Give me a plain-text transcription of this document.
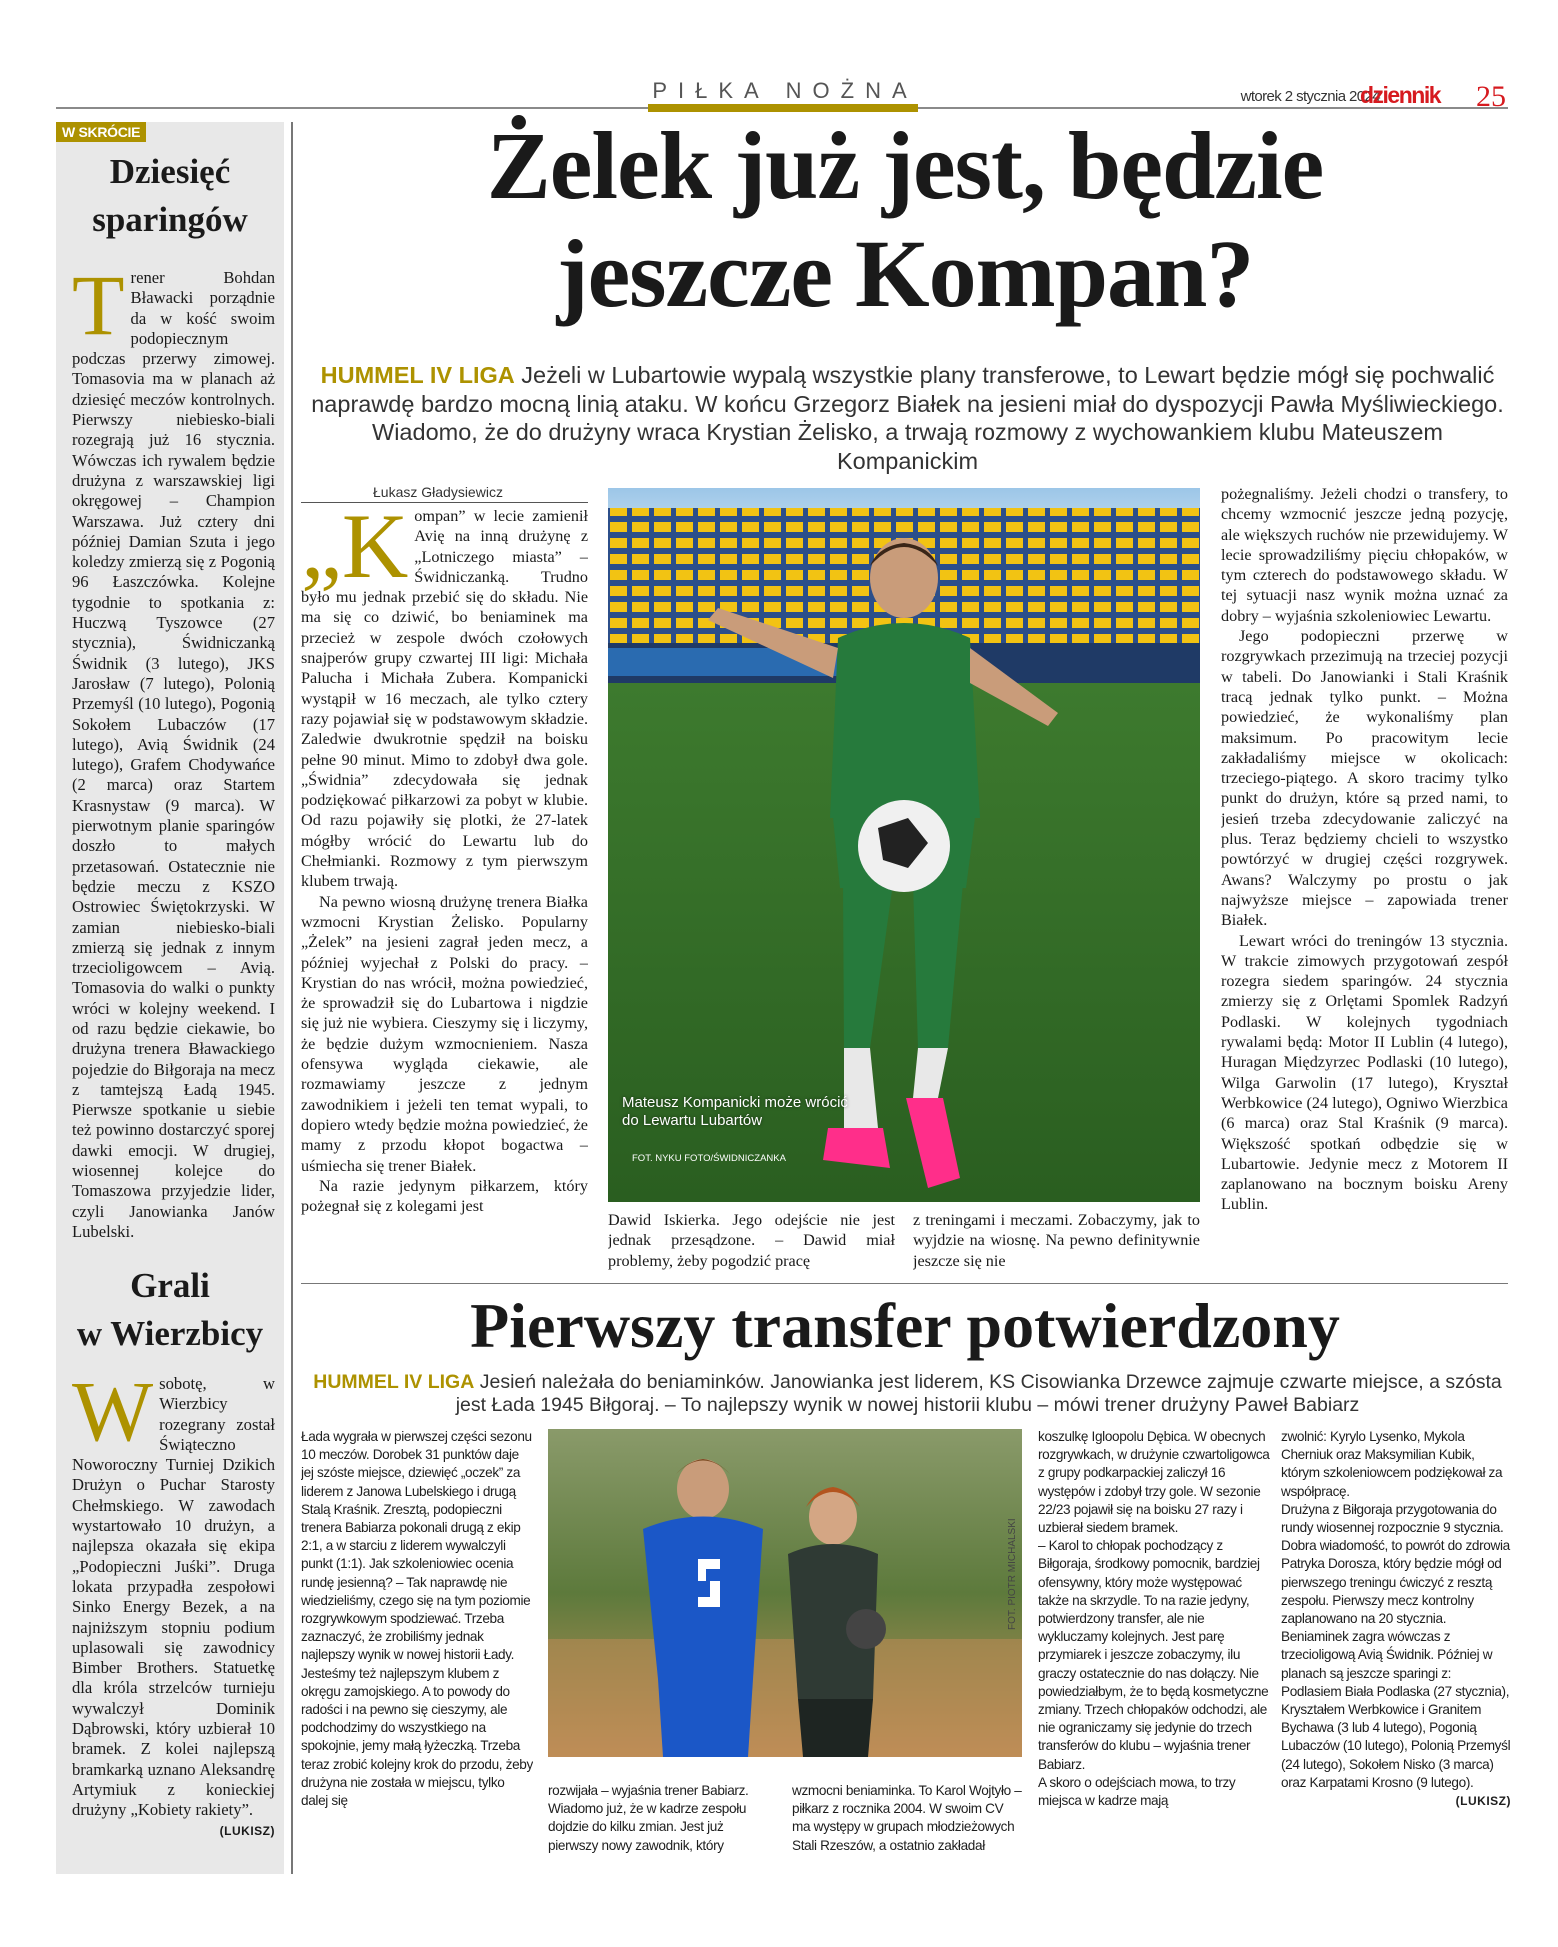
PIŁKA NOŻNA	wtorek 2 stycznia 2024
dziennik 25
W SKRÓCIE
Dziesięć
sparingów
Trener Bohdan Bławacki porządnie da w kość swoim podopiecznym podczas przerwy zimowej. Tomasovia ma w planach aż dziesięć meczów kontrolnych. Pierwszy niebiesko-biali rozegrają już 16 stycznia. Wówczas ich rywalem będzie drużyna z warszawskiej ligi okręgowej – Champion Warszawa. Już cztery dni później Damian Szuta i jego koledzy zmierzą się z Pogonią 96 Łaszczówka. Kolejne tygodnie to spotkania z: Huczwą Tyszowce (27 stycznia), Świdniczanką Świdnik (3 lutego), JKS Jarosław (7 lutego), Polonią Przemyśl (10 lutego), Pogonią Sokołem Lubaczów (17 lutego), Avią Świdnik (24 lutego), Grafem Chodywańce (2 marca) oraz Startem Krasnystaw (9 marca). W pierwotnym planie sparingów doszło to małych przetasowań. Ostatecznie nie będzie meczu z KSZO Ostrowiec Świętokrzyski. W zamian niebiesko-biali zmierzą się jednak z innym trzecioligowcem – Avią. Tomasovia do walki o punkty wróci w kolejny weekend. I od razu będzie ciekawie, bo drużyna trenera Bławackiego pojedzie do Biłgoraja na mecz z tamtejszą Ładą 1945. Pierwsze spotkanie u siebie też powinno dostarczyć sporej dawki emocji. W drugiej, wiosennej kolejce do Tomaszowa przyjedzie lider, czyli Janowianka Janów Lubelski.
Grali
w Wierzbicy
Wsobotę, w Wierzbicy rozegrany został Świąteczno Noworoczny Turniej Dzikich Drużyn o Puchar Starosty Chełmskiego. W zawodach wystartowało 10 drużyn, a najlepsza okazała się ekipa „Podopieczni Juśki”. Druga lokata przypadła zespołowi Sinko Energy Bezek, a na najniższym stopniu podium uplasowali się zawodnicy Bimber Brothers. Statuetkę dla króla strzelców turnieju wywalczył Dominik Dąbrowski, który uzbierał 10 bramek. Z kolei najlepszą bramkarką uznano Aleksandrę Artymiuk z konieckiej drużyny „Kobiety rakiety”.
(LUKISZ)
Żelek już jest, będzie
jeszcze Kompan?
HUMMEL IV LIGA Jeżeli w Lubartowie wypalą wszystkie plany transferowe, to Lewart będzie mógł się pochwalić naprawdę bardzo mocną linią ataku. W końcu Grzegorz Białek na jesieni miał do dyspozycji Pawła Myśliwieckiego. Wiadomo, że do drużyny wraca Krystian Żelisko, a trwają rozmowy z wychowankiem klubu Mateuszem Kompanickim
Łukasz Gładysiewicz

„Kompan” w lecie zamienił Avię na inną drużynę z „Lotniczego miasta” – Świdniczanką. Trudno było mu jednak przebić się do składu. Nie ma się co dziwić, bo beniaminek ma przecież w zespole dwóch czołowych snajperów grupy czwartej III ligi: Michała Palucha i Michała Zubera. Kompanicki wystąpił w 16 meczach, ale tylko cztery razy pojawiał się w podstawowym składzie. Zaledwie dwukrotnie spędził na boisku pełne 90 minut. Mimo to zdobył dwa gole. „Świdnia” zdecydowała się jednak podziękować piłkarzowi za pobyt w klubie. Od razu pojawiły się plotki, że 27-latek mógłby wrócić do Lewartu lub do Chełmianki. Rozmowy z tym pierwszym klubem trwają.

Na pewno wiosną drużynę trenera Białka wzmocni Krystian Żelisko. Popularny „Żelek” na jesieni zagrał jeden mecz, a później wyjechał z Polski do pracy. – Krystian do nas wrócił, można powiedzieć, że sprowadził się do Lubartowa i nigdzie się już nie wybiera. Cieszymy się i liczymy, że będzie dużym wzmocnieniem. Nasza ofensywa wygląda ciekawie, ale rozmawiamy jeszcze z jednym zawodnikiem i jeżeli ten temat wypali, to dopiero wtedy będzie można powiedzieć, że mamy z przodu kłopot bogactwa – uśmiecha się trener Białek.

Na razie jedynym piłkarzem, który pożegnał się z kolegami jest

Mateusz Kompanicki może wrócić do Lewartu Lubartów
FOT. NYKU FOTO/ŚWIDNICZANKA

Dawid Iskierka. Jego odejście nie jest jednak przesądzone. – Dawid miał problemy, żeby pogodzić pracę

z treningami i meczami. Zobaczymy, jak to wyjdzie na wiosnę. Na pewno definitywnie jeszcze się nie

pożegnaliśmy. Jeżeli chodzi o transfery, to chcemy wzmocnić jeszcze jedną pozycję, ale większych ruchów nie przewidujemy. W lecie sprowadziliśmy pięciu chłopaków, w tym czterech do podstawowego składu. W tej sytuacji nasz wynik można uznać za dobry – wyjaśnia szkoleniowiec Lewartu.

Jego podopieczni przerwę w rozgrywkach przezimują na trzeciej pozycji w tabeli. Do Janowianki i Stali Kraśnik tracą jednak tylko punkt. – Można powiedzieć, że wykonaliśmy plan maksimum. Po pracowitym lecie zakładaliśmy miejsce w okolicach: trzeciego-piątego. A skoro tracimy tylko punkt do drużyn, które są przed nami, to jesień trzeba zdecydowanie zaliczyć na plus. Teraz będziemy chcieli to wszystko powtórzyć w drugiej części rozgrywek. Awans? Walczymy po prostu o jak najwyższe miejsce – zapowiada trener Białek.

Lewart wróci do treningów 13 stycznia. W trakcie zimowych przygotowań zespół rozegra siedem sparingów. 24 stycznia zmierzy się z Orlętami Spomlek Radzyń Podlaski. W kolejnych tygodniach rywalami będą: Motor II Lublin (4 lutego), Huragan Międzyrzec Podlaski (10 lutego), Wilga Garwolin (17 lutego), Kryształ Werbkowice (24 lutego), Ogniwo Wierzbica (6 marca) oraz Stal Kraśnik (9 marca). Większość spotkań odbędzie się w Lubartowie. Jedynie mecz z Motorem II zaplanowano na bocznym boisku Areny Lublin.

Pierwszy transfer potwierdzony
HUMMEL IV LIGA Jesień należała do beniaminków. Janowianka jest liderem, KS Cisowianka Drzewce zajmuje czwarte miejsce, a szósta jest Łada 1945 Biłgoraj. – To najlepszy wynik w nowej historii klubu – mówi trener drużyny Paweł Babiarz

Łada wygrała w pierwszej części sezonu 10 meczów. Dorobek 31 punktów daje jej szóste miejsce, dziewięć „oczek” za liderem z Janowa Lubelskiego i drugą Stalą Kraśnik. Zresztą, podopieczni trenera Babiarza pokonali drugą z ekip 2:1, a w starciu z liderem wywalczyli punkt (1:1). Jak szkoleniowiec ocenia rundę jesienną? – Tak naprawdę nie wiedzieliśmy, czego się na tym poziomie rozgrywkowym spodziewać. Trzeba zaznaczyć, że zrobiliśmy jednak najlepszy wynik w nowej historii Łady. Jesteśmy też najlepszym klubem z okręgu zamojskiego. A to powody do radości i na pewno się cieszymy, ale podchodzimy do wszystkiego na spokojnie, jemy małą łyżeczką. Trzeba teraz zrobić kolejny krok do przodu, żeby drużyna nie została w miejscu, tylko dalej się

FOT. PIOTR MICHALSKI

rozwijała – wyjaśnia trener Babiarz.

Wiadomo już, że w kadrze zespołu dojdzie do kilku zmian. Jest już pierwszy nowy zawodnik, który

wzmocni beniaminka. To Karol Wojtyło – piłkarz z rocznika 2004. W swoim CV ma występy w grupach młodzieżowych Stali Rzeszów, a ostatnio zakładał

koszulkę Igloopolu Dębica. W obecnych rozgrywkach, w drużynie czwartoligowca z grupy podkarpackiej zaliczył 16 występów i zdobył trzy gole. W sezonie 22/23 pojawił się na boisku 27 razy i uzbierał siedem bramek.

– Karol to chłopak pochodzący z Biłgoraja, środkowy pomocnik, bardziej ofensywny, który może występować także na skrzydle. To na razie jedyny, potwierdzony transfer, ale nie wykluczamy kolejnych. Jest parę przymiarek i jeszcze zobaczymy, ilu graczy ostatecznie do nas dołączy. Nie powiedziałbym, że to będą kosmetyczne zmiany. Trzech chłopaków odchodzi, ale nie ograniczamy się jedynie do trzech transferów do klubu – wyjaśnia trener Babiarz.

A skoro o odejściach mowa, to trzy miejsca w kadrze mają

zwolnić: Kyrylo Lysenko, Mykola Cherniuk oraz Maksymilian Kubik, którym szkoleniowcem podziękował za współpracę.

Drużyna z Biłgoraja przygotowania do rundy wiosennej rozpocznie 9 stycznia. Dobra wiadomość, to powrót do zdrowia Patryka Dorosza, który będzie mógł od pierwszego treningu ćwiczyć z resztą zespołu. Pierwszy mecz kontrolny zaplanowano na 20 stycznia. Beniaminek zagra wówczas z trzecioligową Avią Świdnik. Później w planach są jeszcze sparingi z: Podlasiem Biała Podlaska (27 stycznia), Kryształem Werbkowice i Granitem Bychawa (3 lub 4 lutego), Pogonią Lubaczów (10 lutego), Polonią Przemyśl (24 lutego), Sokołem Nisko (3 marca) oraz Karpatami Krosno (9 lutego).

(LUKISZ)
